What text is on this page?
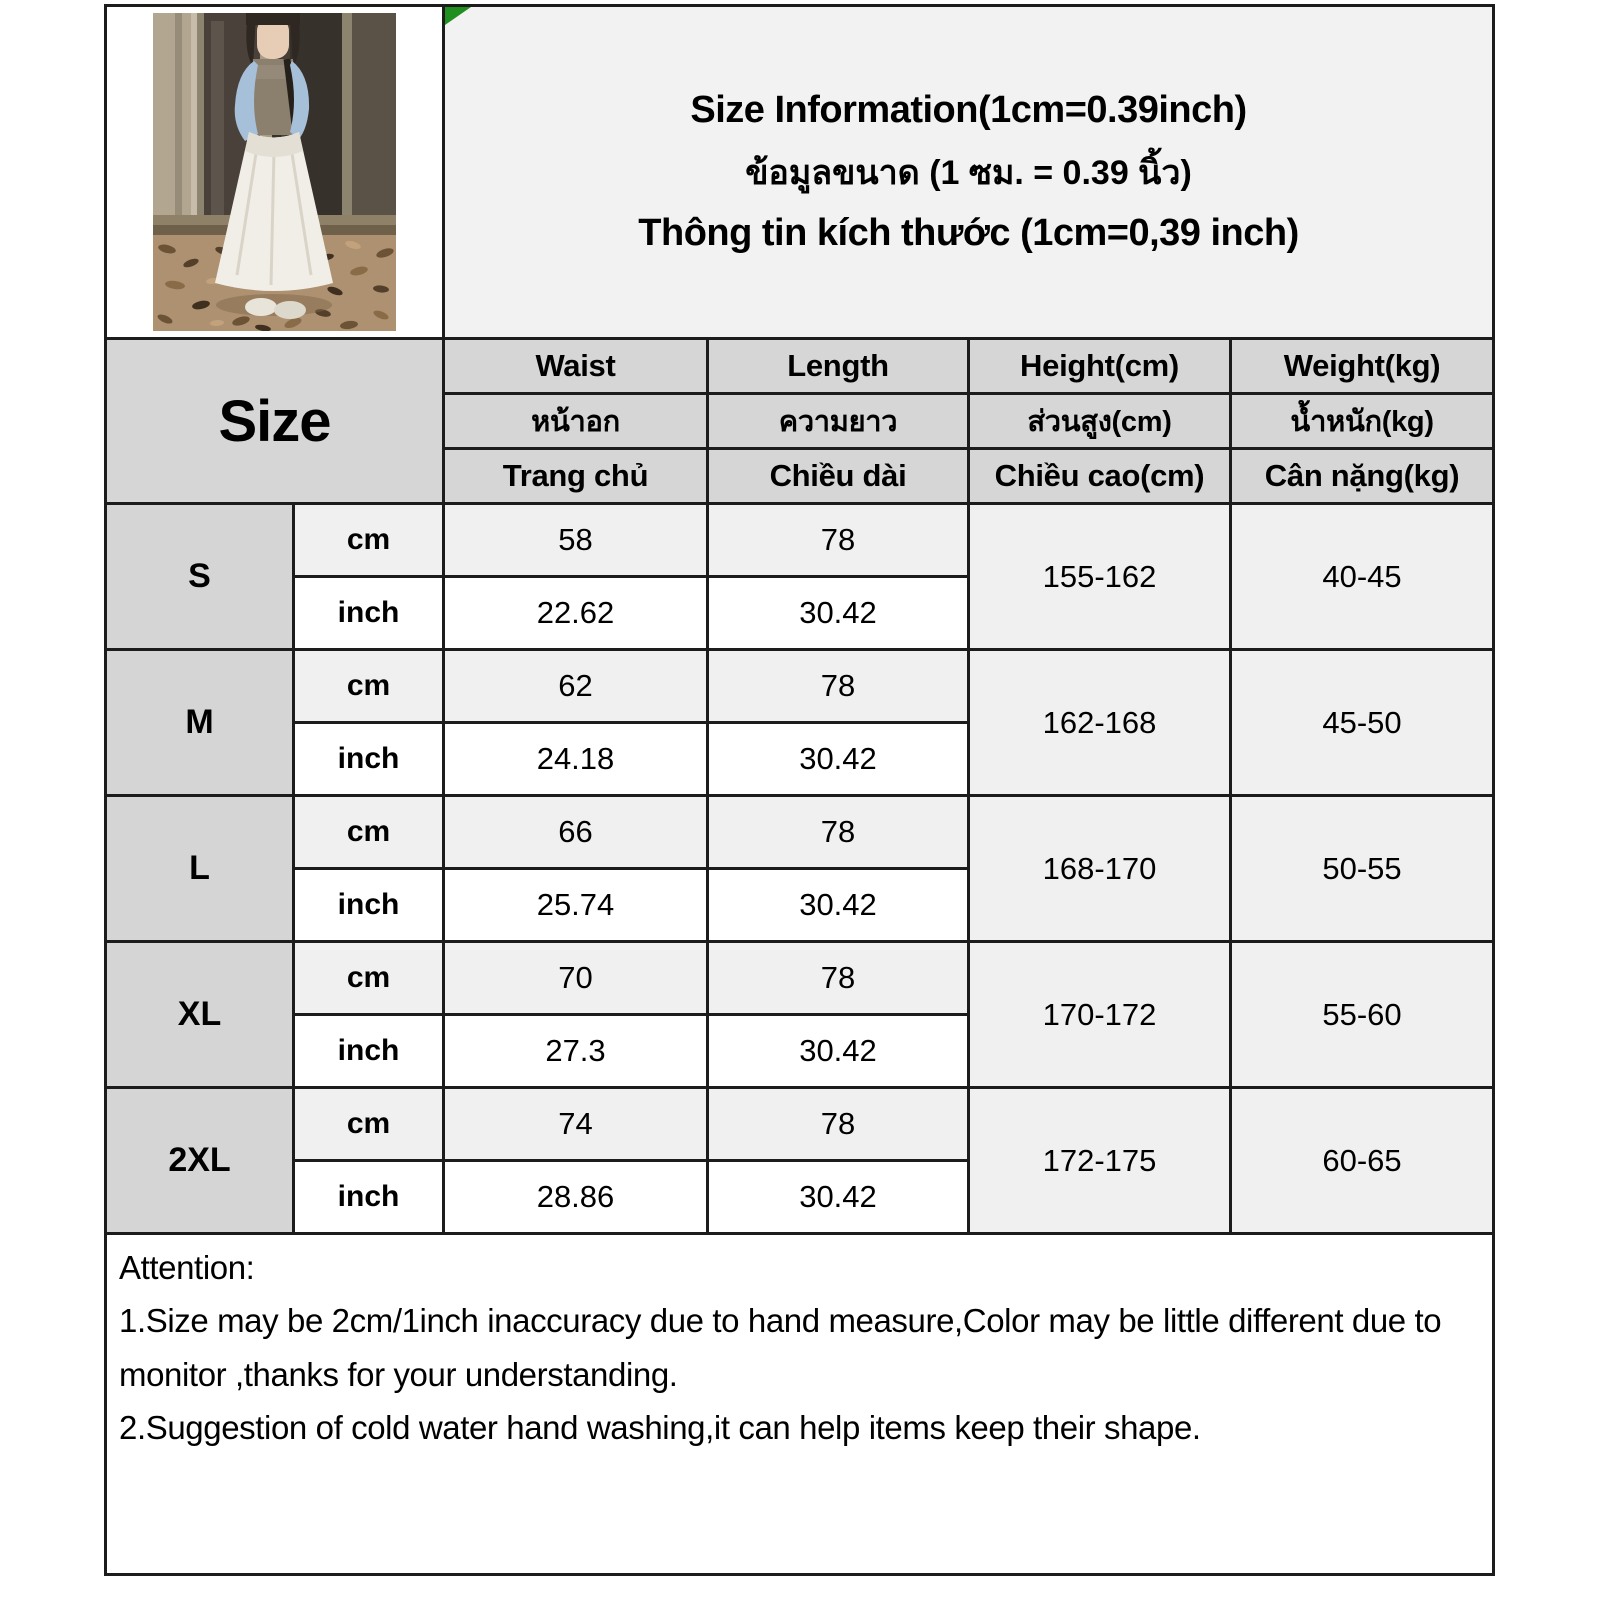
Size Information(1cm=0.39inch)
ข้อมูลขนาด (1 ซม. = 0.39 นิ้ว)
Thông tin kích thước (1cm=0,39 inch)			

Size		Waist	Length	Height(cm)	Weight(kg)
		หน้าอก	ความยาว	ส่วนสูง(cm)	น้ำหนัก(kg)
		Trang chủ	Chiều dài	Chiều cao(cm)	Cân nặng(kg)
S	cm	58	78	155-162	40-45
	inch	22.62	30.42		
M	cm	62	78	162-168	45-50
	inch	24.18	30.42		
L	cm	66	78	168-170	50-55
	inch	25.74	30.42		
XL	cm	70	78	170-172	55-60
	inch	27.3	30.42		
2XL	cm	74	78	172-175	60-65
	inch	28.86	30.42		

Attention:
1.Size may be 2cm/1inch inaccuracy due to hand measure,Color may be little different due to monitor ,thanks for your understanding.
2.Suggestion of cold water hand washing,it can help items keep their shape.					
